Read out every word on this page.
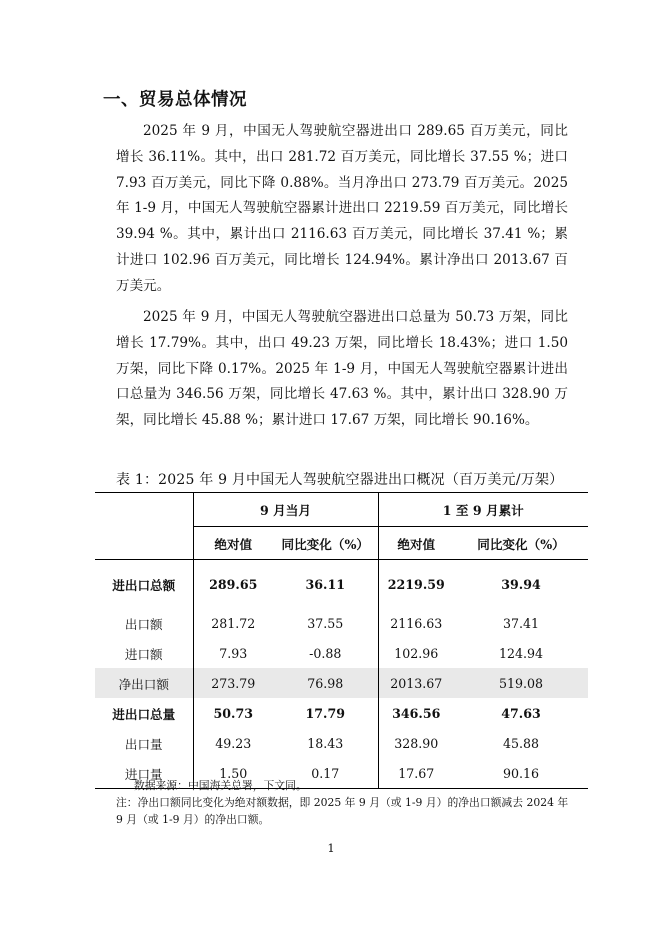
一、贸易总体情况
2025 年 9 月，中国无人驾驶航空器进出口 289.65 百万美元，同比增长 36.11%。其中，出口 281.72 百万美元，同比增长 37.55 %；进口 7.93 百万美元，同比下降 0.88%。当月净出口 273.79 百万美元。2025 年 1-9 月，中国无人驾驶航空器累计进出口 2219.59 百万美元，同比增长 39.94 %。其中，累计出口 2116.63 百万美元，同比增长 37.41 %；累计进口 102.96 百万美元，同比增长 124.94%。累计净出口 2013.67 百万美元。
2025 年 9 月，中国无人驾驶航空器进出口总量为 50.73 万架，同比增长 17.79%。其中，出口 49.23 万架，同比增长 18.43%；进口 1.50 万架，同比下降 0.17%。2025 年 1-9 月，中国无人驾驶航空器累计进出口总量为 346.56 万架，同比增长 47.63 %。其中，累计出口 328.90 万架，同比增长 45.88 %；累计进口 17.67 万架，同比增长 90.16%。
表 1：2025 年 9 月中国无人驾驶航空器进出口概况（百万美元/万架）
	9 月当月		1 至 9 月累计	
	绝对值	同比变化（%）	绝对值	同比变化（%）

进出口总额	289.65	36.11	2219.59	39.94

出口额	281.72	37.55	2116.63	37.41
进口额	7.93	-0.88	102.96	124.94
净出口额	273.79	76.98	2013.67	519.08
进出口总量	50.73	17.79	346.56	47.63
出口量	49.23	18.43	328.90	45.88
进口量	1.50	0.17	17.67	90.16
数据来源：中国海关总署，下文同。
注：净出口额同比变化为绝对额数据，即 2025 年 9 月（或 1-9 月）的净出口额减去 2024 年 9 月（或 1-9 月）的净出口额。
1
